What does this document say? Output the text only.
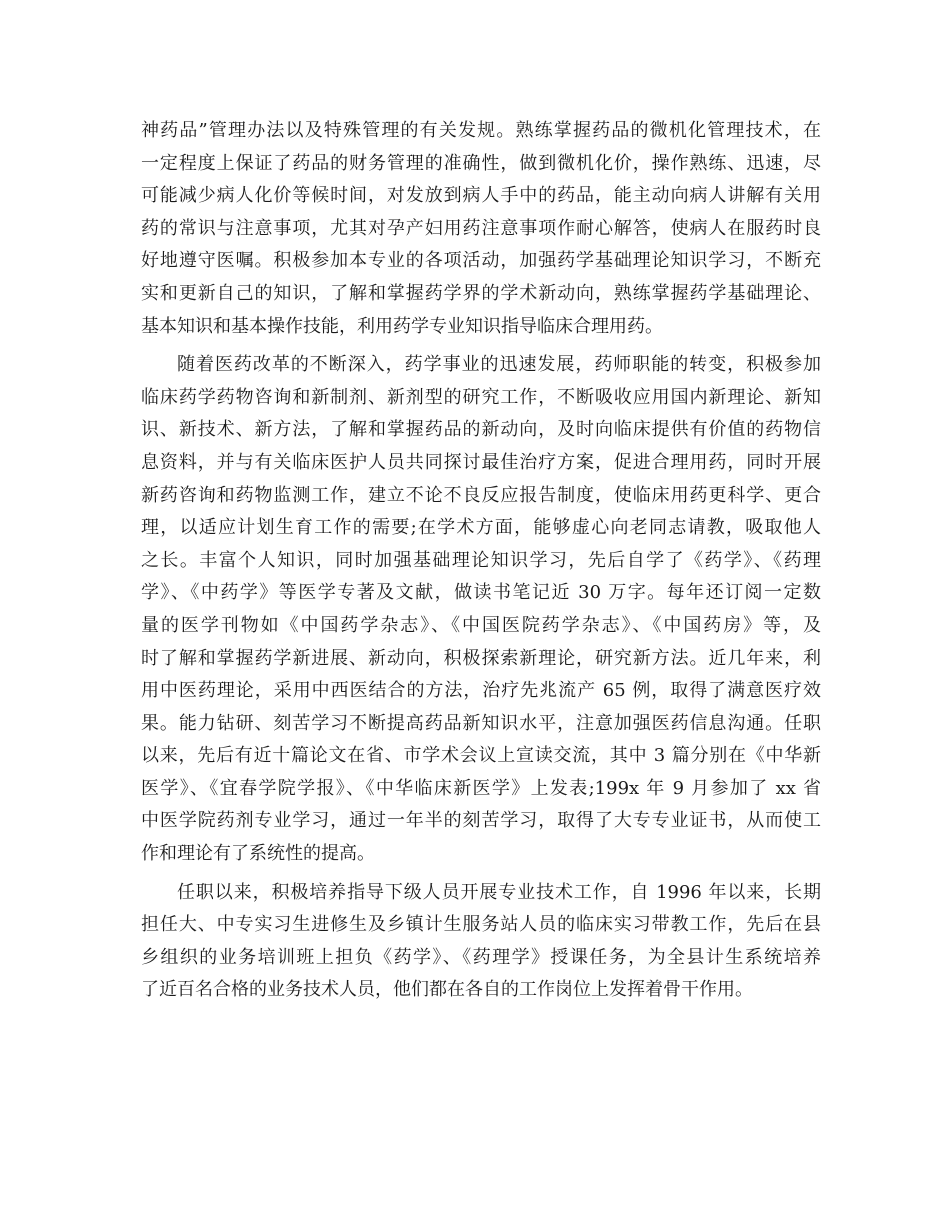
神药品”管理办法以及特殊管理的有关发规。熟练掌握药品的微机化管理技术，在
一定程度上保证了药品的财务管理的准确性，做到微机化价，操作熟练、迅速，尽
可能减少病人化价等候时间，对发放到病人手中的药品，能主动向病人讲解有关用
药的常识与注意事项，尤其对孕产妇用药注意事项作耐心解答，使病人在服药时良
好地遵守医嘱。积极参加本专业的各项活动，加强药学基础理论知识学习，不断充
实和更新自己的知识，了解和掌握药学界的学术新动向，熟练掌握药学基础理论、
基本知识和基本操作技能，利用药学专业知识指导临床合理用药。
随着医药改革的不断深入，药学事业的迅速发展，药师职能的转变，积极参加
临床药学药物咨询和新制剂、新剂型的研究工作，不断吸收应用国内新理论、新知
识、新技术、新方法，了解和掌握药品的新动向，及时向临床提供有价值的药物信
息资料，并与有关临床医护人员共同探讨最佳治疗方案，促进合理用药，同时开展
新药咨询和药物监测工作，建立不论不良反应报告制度，使临床用药更科学、更合
理，以适应计划生育工作的需要;在学术方面，能够虚心向老同志请教，吸取他人
之长。丰富个人知识，同时加强基础理论知识学习，先后自学了《药学》、《药理
学》、《中药学》等医学专著及文献，做读书笔记近 30 万字。每年还订阅一定数
量的医学刊物如《中国药学杂志》、《中国医院药学杂志》、《中国药房》等，及
时了解和掌握药学新进展、新动向，积极探索新理论，研究新方法。近几年来，利
用中医药理论，采用中西医结合的方法，治疗先兆流产 65 例，取得了满意医疗效
果。能力钻研、刻苦学习不断提高药品新知识水平，注意加强医药信息沟通。任职
以来，先后有近十篇论文在省、市学术会议上宣读交流，其中 3 篇分别在《中华新
医学》、《宜春学院学报》、《中华临床新医学》上发表;199x 年 9 月参加了 xx 省
中医学院药剂专业学习，通过一年半的刻苦学习，取得了大专专业证书，从而使工
作和理论有了系统性的提高。
任职以来，积极培养指导下级人员开展专业技术工作，自 1996 年以来，长期
担任大、中专实习生进修生及乡镇计生服务站人员的临床实习带教工作，先后在县
乡组织的业务培训班上担负《药学》、《药理学》授课任务，为全县计生系统培养
了近百名合格的业务技术人员，他们都在各自的工作岗位上发挥着骨干作用。
